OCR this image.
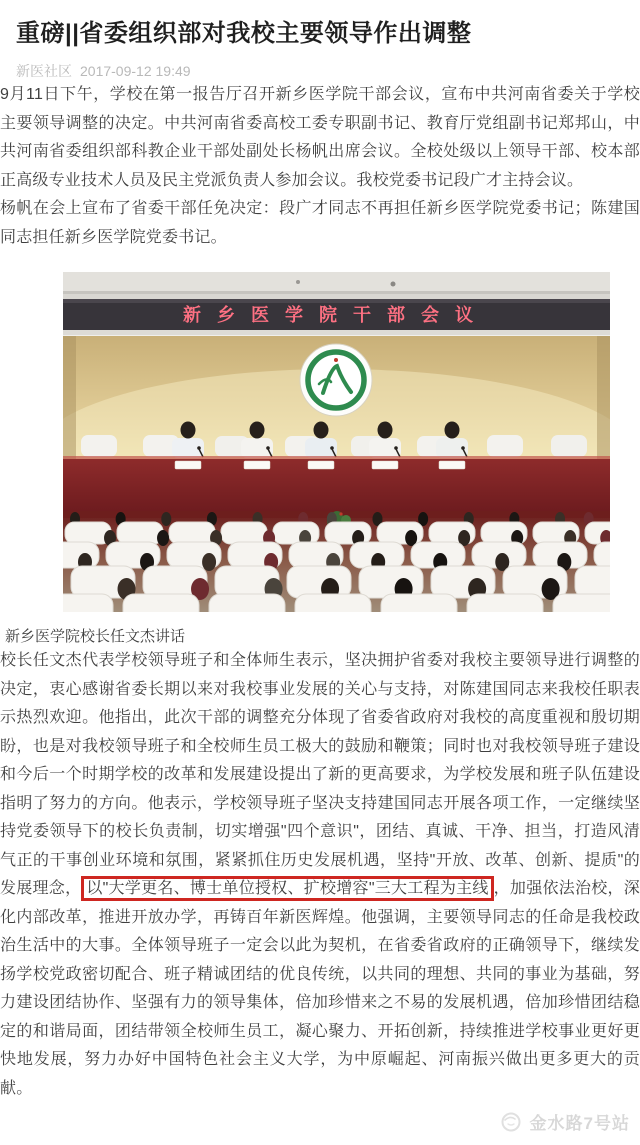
重磅||省委组织部对我校主要领导作出调整
新医社区 2017-09-12 19:49

9月11日下午，学校在第一报告厅召开新乡医学院干部会议，宣布中共河南省委关于学校主要领导调整的决定。中共河南省委高校工委专职副书记、教育厅党组副书记郑邦山，中共河南省委组织部科教企业干部处副处长杨帆出席会议。全校处级以上领导干部、校本部正高级专业技术人员及民主党派负责人参加会议。我校党委书记段广才主持会议。

杨帆在会上宣布了省委干部任免决定：段广才同志不再担任新乡医学院党委书记；陈建国同志担任新乡医学院党委书记。

新乡医学院干部会议
新乡医学院校长任文杰讲话

校长任文杰代表学校领导班子和全体师生表示，坚决拥护省委对我校主要领导进行调整的决定，衷心感谢省委长期以来对我校事业发展的关心与支持，对陈建国同志来我校任职表示热烈欢迎。他指出，此次干部的调整充分体现了省委省政府对我校的高度重视和殷切期盼，也是对我校领导班子和全校师生员工极大的鼓励和鞭策；同时也对我校领导班子建设和今后一个时期学校的改革和发展建设提出了新的更高要求，为学校发展和班子队伍建设指明了努力的方向。他表示，学校领导班子坚决支持建国同志开展各项工作，一定继续坚持党委领导下的校长负责制，切实增强"四个意识"，团结、真诚、干净、担当，打造风清气正的干事创业环境和氛围，紧紧抓住历史发展机遇，坚持"开放、改革、创新、提质"的发展理念， 以"大学更名、博士单位授权、扩校增容"三大工程为主线 ，加强依法治校，深化内部改革，推进开放办学，再铸百年新医辉煌。他强调，主要领导同志的任命是我校政治生活中的大事。全体领导班子一定会以此为契机，在省委省政府的正确领导下，继续发扬学校党政密切配合、班子精诚团结的优良传统，以共同的理想、共同的事业为基础，努力建设团结协作、坚强有力的领导集体，倍加珍惜来之不易的发展机遇，倍加珍惜团结稳定的和谐局面，团结带领全校师生员工，凝心聚力、开拓创新，持续推进学校事业更好更快地发展，努力办好中国特色社会主义大学，为中原崛起、河南振兴做出更多更大的贡献。

金水路7号站
